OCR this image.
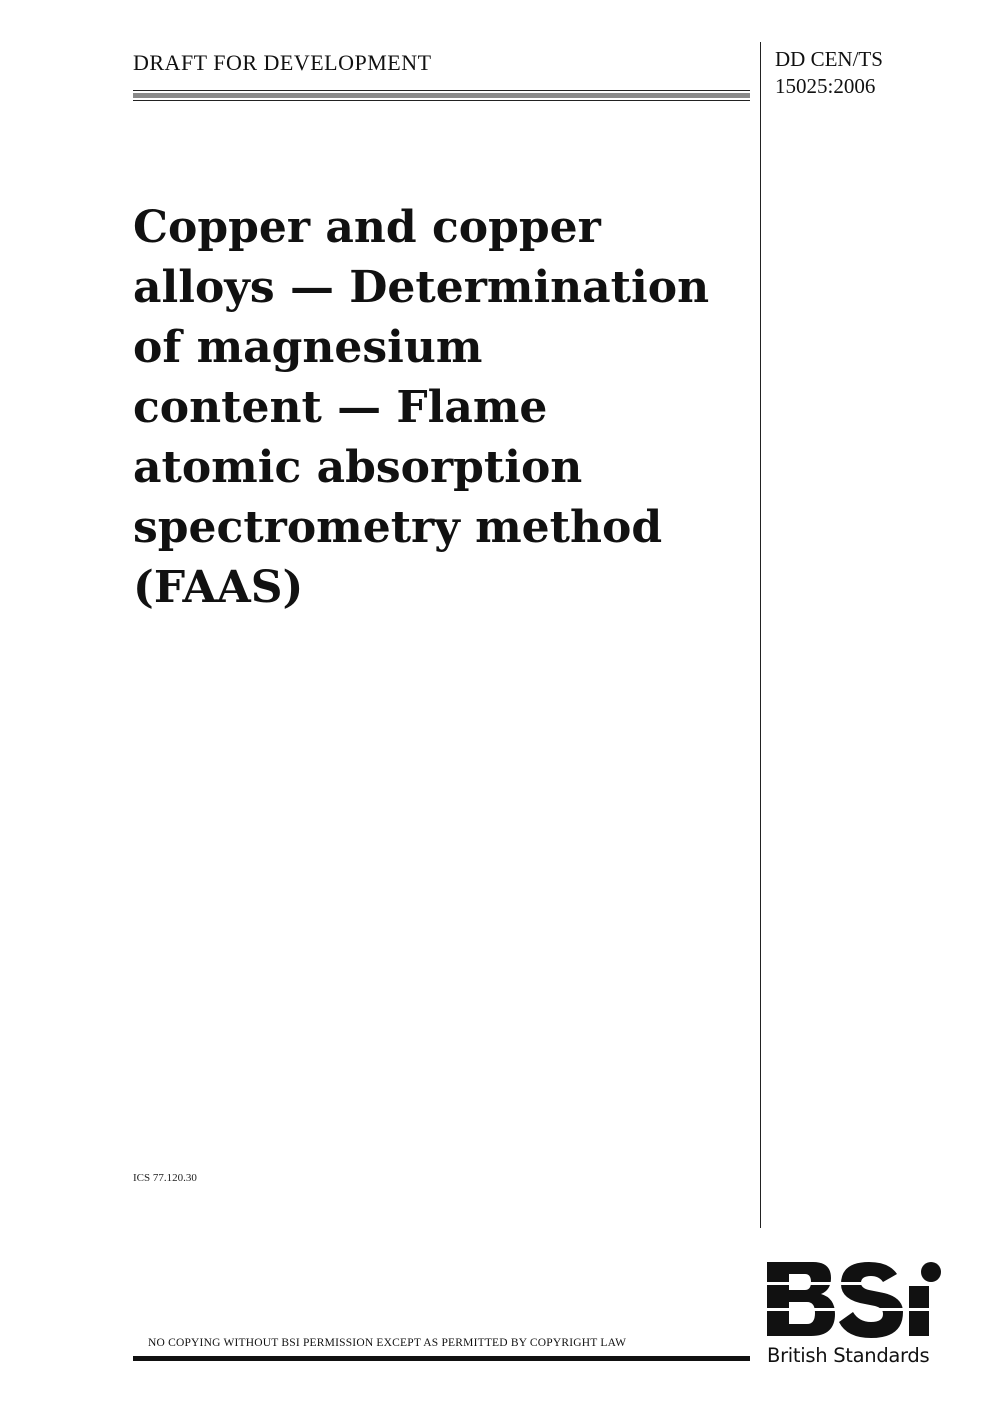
DRAFT FOR DEVELOPMENT	DD CEN/TS
15025:2006
Copper and copper
alloys — Determination
of magnesium
content — Flame
atomic absorption
spectrometry method
(FAAS)
ICS 77.120.30
NO COPYING WITHOUT BSI PERMISSION EXCEPT AS PERMITTED BY COPYRIGHT LAW
British Standards
